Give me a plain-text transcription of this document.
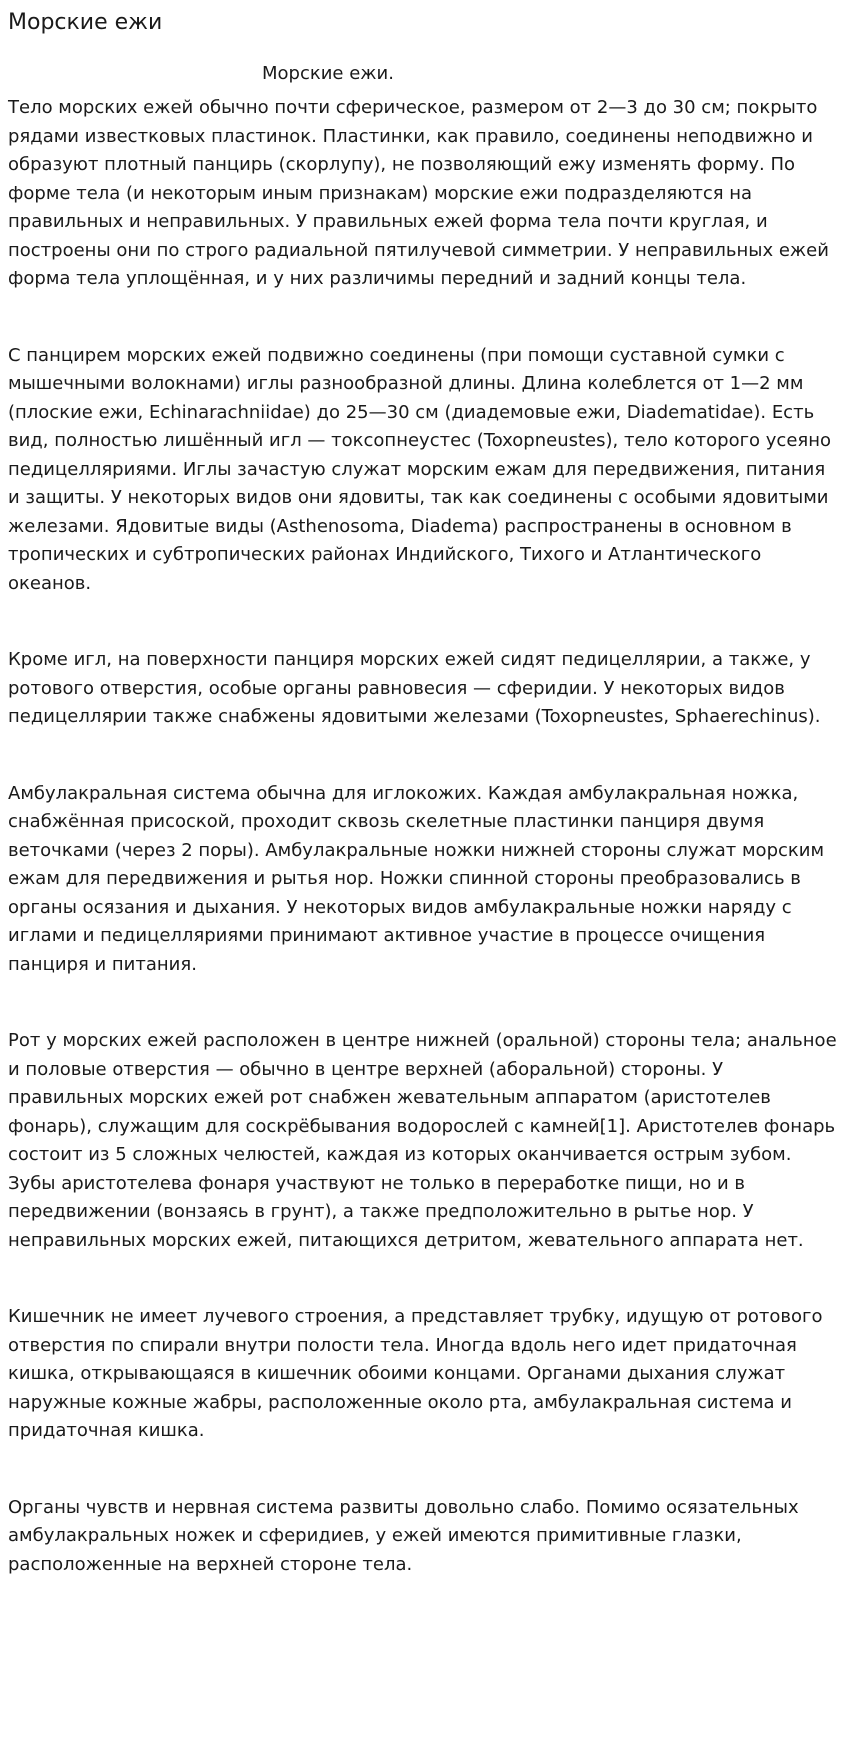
Морские ежи
Морские ежи.

Тело морских ежей обычно почти сферическое, размером от 2—3 до 30 см; покрыто рядами известковых пластинок. Пластинки, как правило, соединены неподвижно и образуют плотный панцирь (скорлупу), не позволяющий ежу изменять форму. По форме тела (и некоторым иным признакам) морские ежи подразделяются на правильных и неправильных. У правильных ежей форма тела почти круглая, и построены они по строго радиальной пятилучевой симметрии. У неправильных ежей форма тела уплощённая, и у них различимы передний и задний концы тела.

С панцирем морских ежей подвижно соединены (при помощи суставной сумки с мышечными волокнами) иглы разнообразной длины. Длина колеблется от 1—2 мм (плоские ежи, Echinarachniidae) до 25—30 см (диадемовые ежи, Diadematidae). Есть вид, полностью лишённый игл — токсопнеустес (Toxopneustes), тело которого усеяно педицелляриями. Иглы зачастую служат морским ежам для передвижения, питания и защиты. У некоторых видов они ядовиты, так как соединены с особыми ядовитыми железами. Ядовитые виды (Asthenosoma, Diadema) распространены в основном в тропических и субтропических районах Индийского, Тихого и Атлантического океанов.

Кроме игл, на поверхности панциря морских ежей сидят педицеллярии, а также, у ротового отверстия, особые органы равновесия — сферидии. У некоторых видов педицеллярии также снабжены ядовитыми железами (Toxopneustes, Sphaerechinus).

Амбулакральная система обычна для иглокожих. Каждая амбулакральная ножка, снабжённая присоской, проходит сквозь скелетные пластинки панциря двумя веточками (через 2 поры). Амбулакральные ножки нижней стороны служат морским ежам для передвижения и рытья нор. Ножки спинной стороны преобразовались в органы осязания и дыхания. У некоторых видов амбулакральные ножки наряду с иглами и педицелляриями принимают активное участие в процессе очищения панциря и питания.

Рот у морских ежей расположен в центре нижней (оральной) стороны тела; анальное и половые отверстия — обычно в центре верхней (аборальной) стороны. У правильных морских ежей рот снабжен жевательным аппаратом (аристотелев фонарь), служащим для соскрёбывания водорослей с камней[1]. Аристотелев фонарь состоит из 5 сложных челюстей, каждая из которых оканчивается острым зубом. Зубы аристотелева фонаря участвуют не только в переработке пищи, но и в передвижении (вонзаясь в грунт), а также предположительно в рытье нор. У неправильных морских ежей, питающихся детритом, жевательного аппарата нет.

Кишечник не имеет лучевого строения, а представляет трубку, идущую от ротового отверстия по спирали внутри полости тела. Иногда вдоль него идет придаточная кишка, открывающаяся в кишечник обоими концами. Органами дыхания служат наружные кожные жабры, расположенные около рта, амбулакральная система и придаточная кишка.

Органы чувств и нервная система развиты довольно слабо. Помимо осязательных амбулакральных ножек и сферидиев, у ежей имеются примитивные глазки, расположенные на верхней стороне тела.
